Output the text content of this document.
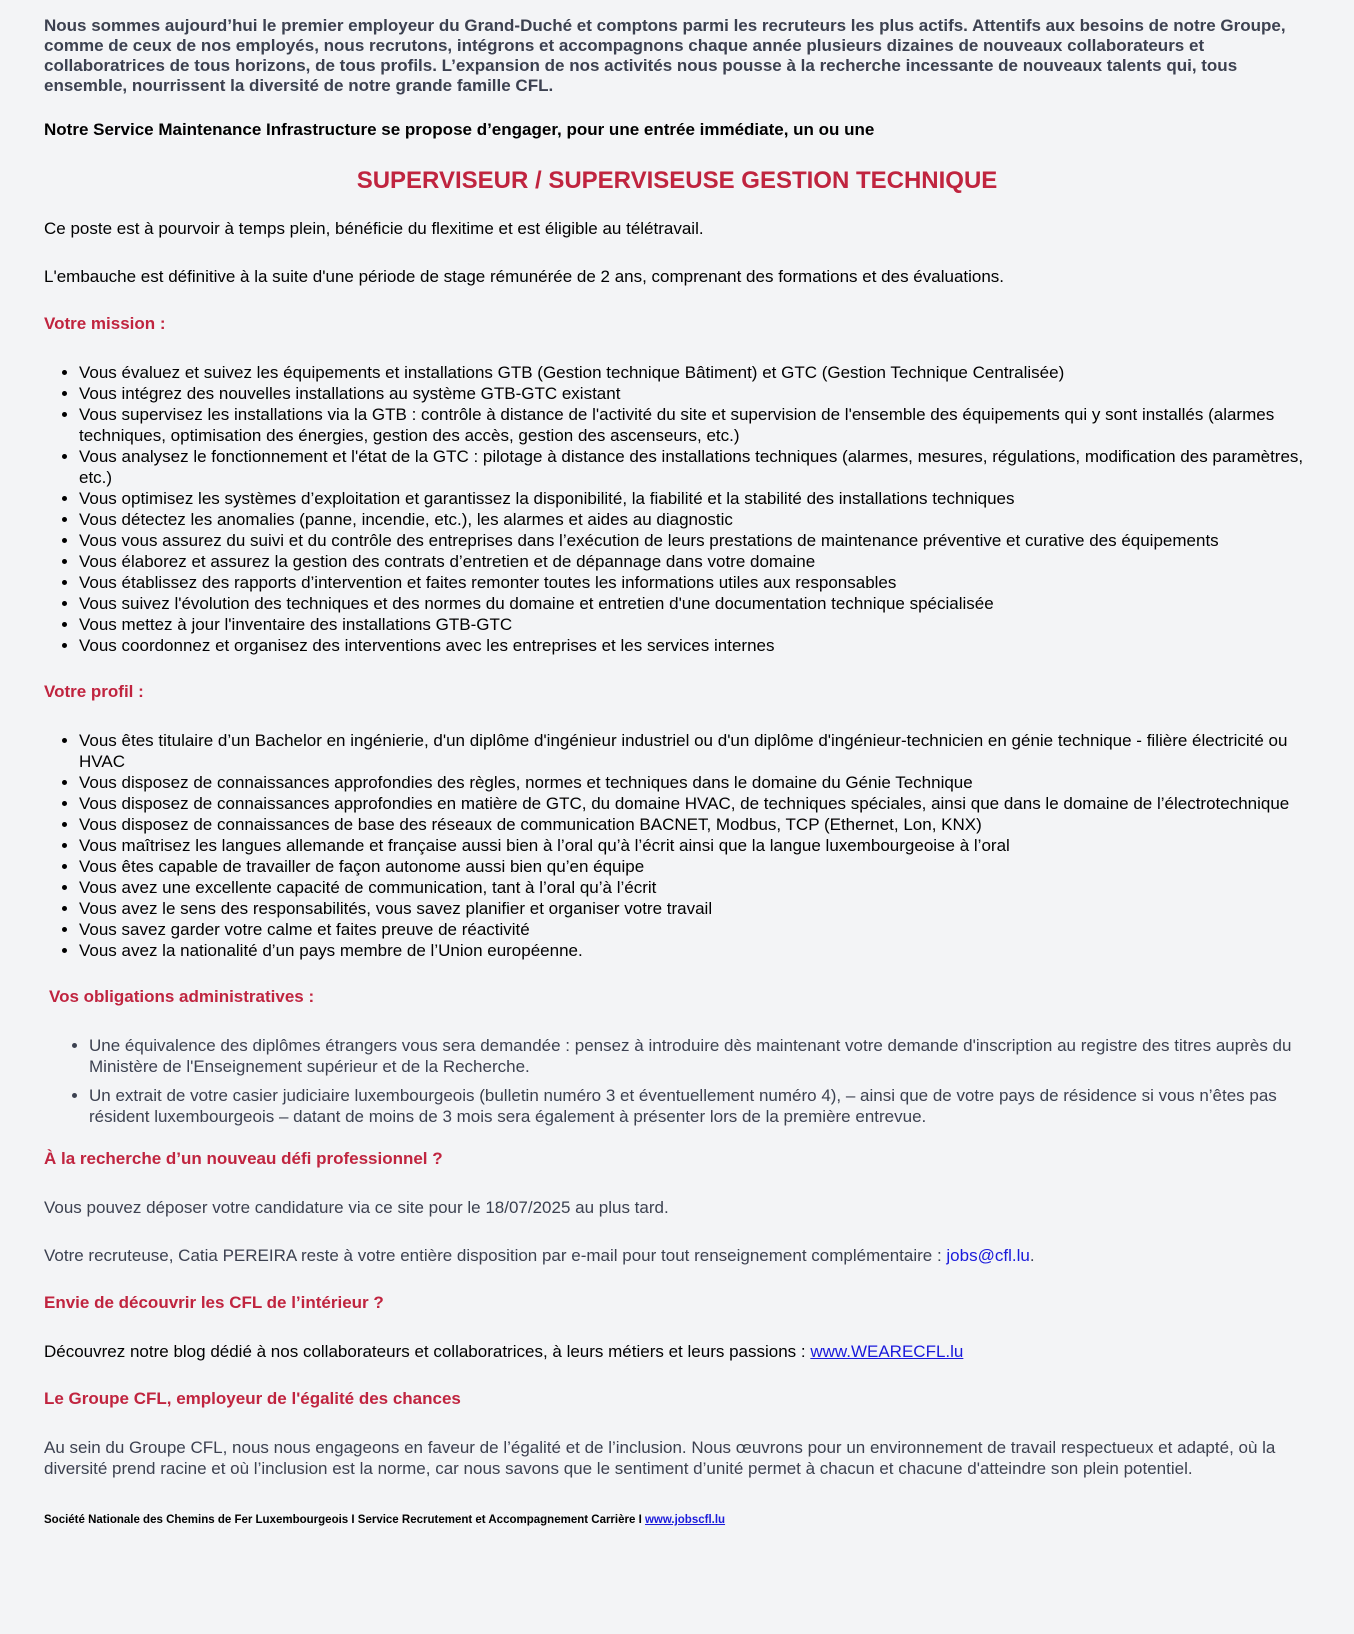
Nous sommes aujourd’hui le premier employeur du Grand-Duché et comptons parmi les recruteurs les plus actifs. Attentifs aux besoins de notre Groupe, comme de ceux de nos employés, nous recrutons, intégrons et accompagnons chaque année plusieurs dizaines de nouveaux collaborateurs et collaboratrices de tous horizons, de tous profils. L’expansion de nos activités nous pousse à la recherche incessante de nouveaux talents qui, tous ensemble, nourrissent la diversité de notre grande famille CFL.

Notre Service Maintenance Infrastructure se propose d’engager, pour une entrée immédiate, un ou une

SUPERVISEUR / SUPERVISEUSE GESTION TECHNIQUE

Ce poste est à pourvoir à temps plein, bénéficie du flexitime et est éligible au télétravail.

L'embauche est définitive à la suite d'une période de stage rémunérée de 2 ans, comprenant des formations et des évaluations.

Votre mission :
• Vous évaluez et suivez les équipements et installations GTB (Gestion technique Bâtiment) et GTC (Gestion Technique Centralisée)
• Vous intégrez des nouvelles installations au système GTB-GTC existant
• Vous supervisez les installations via la GTB : contrôle à distance de l'activité du site et supervision de l'ensemble des équipements qui y sont installés (alarmes techniques, optimisation des énergies, gestion des accès, gestion des ascenseurs, etc.)
• Vous analysez le fonctionnement et l'état de la GTC : pilotage à distance des installations techniques (alarmes, mesures, régulations, modification des paramètres, etc.)
• Vous optimisez les systèmes d’exploitation et garantissez la disponibilité, la fiabilité et la stabilité des installations techniques
• Vous détectez les anomalies (panne, incendie, etc.), les alarmes et aides au diagnostic
• Vous vous assurez du suivi et du contrôle des entreprises dans l’exécution de leurs prestations de maintenance préventive et curative des équipements
• Vous élaborez et assurez la gestion des contrats d’entretien et de dépannage dans votre domaine
• Vous établissez des rapports d’intervention et faites remonter toutes les informations utiles aux responsables
• Vous suivez l'évolution des techniques et des normes du domaine et entretien d'une documentation technique spécialisée
• Vous mettez à jour l'inventaire des installations GTB-GTC
• Vous coordonnez et organisez des interventions avec les entreprises et les services internes
Votre profil :
• Vous êtes titulaire d’un Bachelor en ingénierie, d'un diplôme d'ingénieur industriel ou d'un diplôme d'ingénieur-technicien en génie technique - filière électricité ou HVAC
• Vous disposez de connaissances approfondies des règles, normes et techniques dans le domaine du Génie Technique
• Vous disposez de connaissances approfondies en matière de GTC, du domaine HVAC, de techniques spéciales, ainsi que dans le domaine de l’électrotechnique
• Vous disposez de connaissances de base des réseaux de communication BACNET, Modbus, TCP (Ethernet, Lon, KNX)
• Vous maîtrisez les langues allemande et française aussi bien à l’oral qu’à l’écrit ainsi que la langue luxembourgeoise à l’oral
• Vous êtes capable de travailler de façon autonome aussi bien qu’en équipe
• Vous avez une excellente capacité de communication, tant à l’oral qu’à l’écrit
• Vous avez le sens des responsabilités, vous savez planifier et organiser votre travail
• Vous savez garder votre calme et faites preuve de réactivité
• Vous avez la nationalité d’un pays membre de l’Union européenne.
Vos obligations administratives :
• Une équivalence des diplômes étrangers vous sera demandée : pensez à introduire dès maintenant votre demande d'inscription au registre des titres auprès du Ministère de l'Enseignement supérieur et de la Recherche.
• Un extrait de votre casier judiciaire luxembourgeois (bulletin numéro 3 et éventuellement numéro 4), – ainsi que de votre pays de résidence si vous n’êtes pas résident luxembourgeois – datant de moins de 3 mois sera également à présenter lors de la première entrevue.
À la recherche d’un nouveau défi professionnel ?

Vous pouvez déposer votre candidature via ce site pour le 18/07/2025 au plus tard.

Votre recruteuse, Catia PEREIRA reste à votre entière disposition par e-mail pour tout renseignement complémentaire : jobs@cfl.lu.

Envie de découvrir les CFL de l’intérieur ?

Découvrez notre blog dédié à nos collaborateurs et collaboratrices, à leurs métiers et leurs passions : www.WEARECFL.lu

Le Groupe CFL, employeur de l'égalité des chances

Au sein du Groupe CFL, nous nous engageons en faveur de l’égalité et de l’inclusion. Nous œuvrons pour un environnement de travail respectueux et adapté, où la diversité prend racine et où l’inclusion est la norme, car nous savons que le sentiment d’unité permet à chacun et chacune d'atteindre son plein potentiel.

Société Nationale des Chemins de Fer Luxembourgeois I Service Recrutement et Accompagnement Carrière I www.jobscfl.lu
